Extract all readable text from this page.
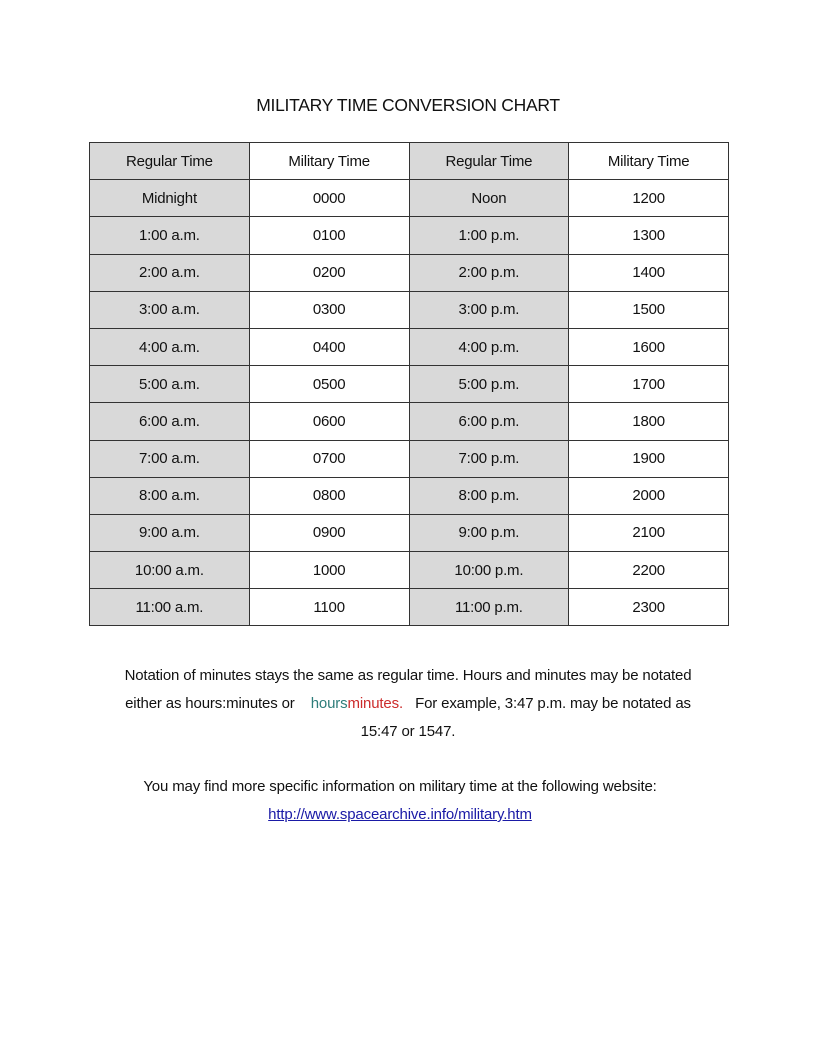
MILITARY TIME CONVERSION CHART
Regular Time	Military Time	Regular Time	Military Time
Midnight	0000	Noon	1200
1:00 a.m.	0100	1:00 p.m.	1300
2:00 a.m.	0200	2:00 p.m.	1400
3:00 a.m.	0300	3:00 p.m.	1500
4:00 a.m.	0400	4:00 p.m.	1600
5:00 a.m.	0500	5:00 p.m.	1700
6:00 a.m.	0600	6:00 p.m.	1800
7:00 a.m.	0700	7:00 p.m.	1900
8:00 a.m.	0800	8:00 p.m.	2000
9:00 a.m.	0900	9:00 p.m.	2100
10:00 a.m.	1000	10:00 p.m.	2200
11:00 a.m.	1100	11:00 p.m.	2300
Notation of minutes stays the same as regular time. Hours and minutes may be notated
either as hours:minutes or hoursminutes. For example, 3:47 p.m. may be notated as
15:47 or 1547.
You may find more specific information on military time at the following website:
http://www.spacearchive.info/military.htm
